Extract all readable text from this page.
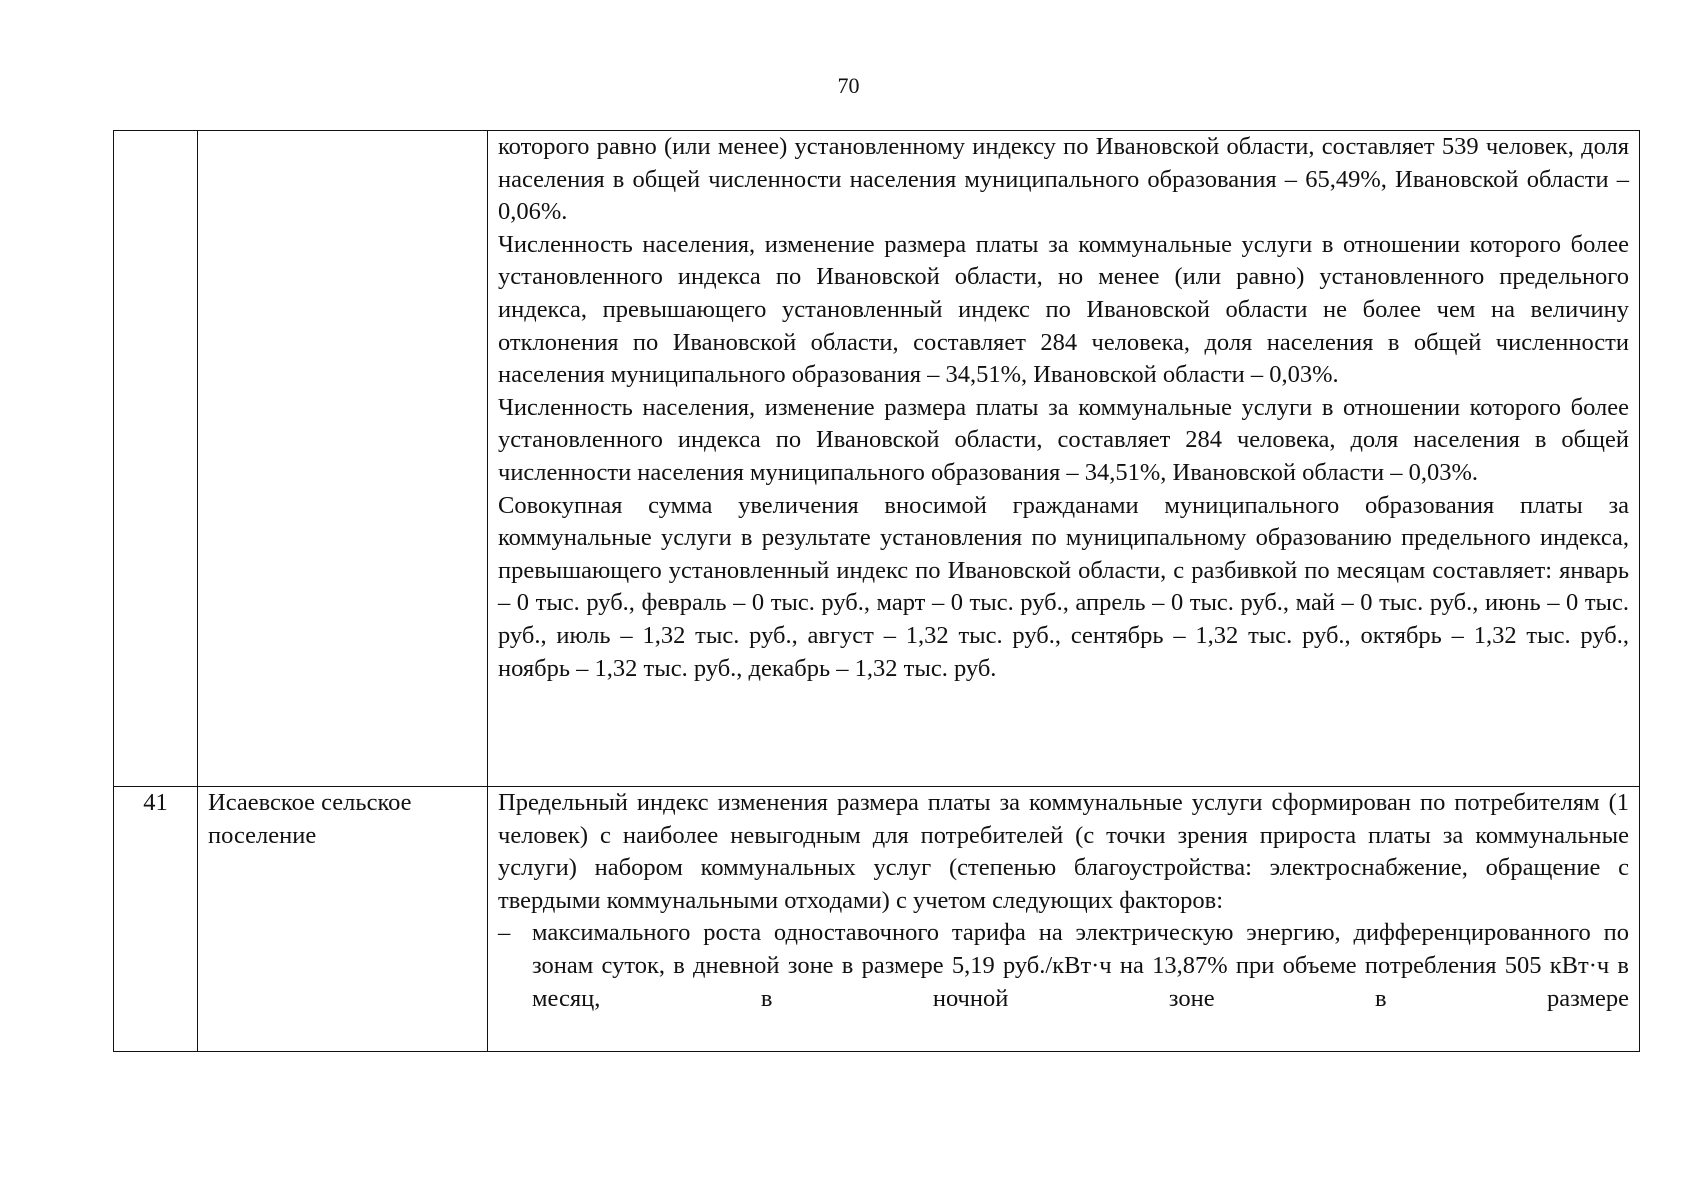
70

		которого равно (или менее) установленному индексу по Ивановской области, составляет 539 человек, доля населения в общей численности населения муниципального образования – 65,49%, Ивановской области – 0,06%.
Численность населения, изменение размера платы за коммунальные услуги в отношении которого более установленного индекса по Ивановской области, но менее (или равно) установленного предельного индекса, превышающего установленный индекс по Ивановской области не более чем на величину отклонения по Ивановской области, составляет 284 человека, доля населения в общей численности населения муниципального образования – 34,51%, Ивановской области – 0,03%.
Численность населения, изменение размера платы за коммунальные услуги в отношении которого более установленного индекса по Ивановской области, составляет 284 человека, доля населения в общей численности населения муниципального образования – 34,51%, Ивановской области – 0,03%.
Совокупная сумма увеличения вносимой гражданами муниципального образования платы за коммунальные услуги в результате установления по муниципальному образованию предельного индекса, превышающего установленный индекс по Ивановской области, с разбивкой по месяцам составляет: январь – 0 тыс. руб., февраль – 0 тыс. руб., март – 0 тыс. руб., апрель – 0 тыс. руб., май – 0 тыс. руб., июнь – 0 тыс. руб., июль – 1,32 тыс. руб., август – 1,32 тыс. руб., сентябрь – 1,32 тыс. руб., октябрь – 1,32 тыс. руб., ноябрь – 1,32 тыс. руб., декабрь – 1,32 тыс. руб.

41	Исаевское сельское поселение	Предельный индекс изменения размера платы за коммунальные услуги сформирован по потребителям (1 человек) с наиболее невыгодным для потребителей (с точки зрения прироста платы за коммунальные услуги) набором коммунальных услуг (степенью благоустройства: электроснабжение, обращение с твердыми коммунальными отходами) с учетом следующих факторов:
– максимального роста одноставочного тарифа на электрическую энергию, дифференцированного по зонам суток, в дневной зоне в размере 5,19 руб./кВт·ч на 13,87% при объеме потребления 505 кВт·ч в месяц, в ночной зоне в размере
